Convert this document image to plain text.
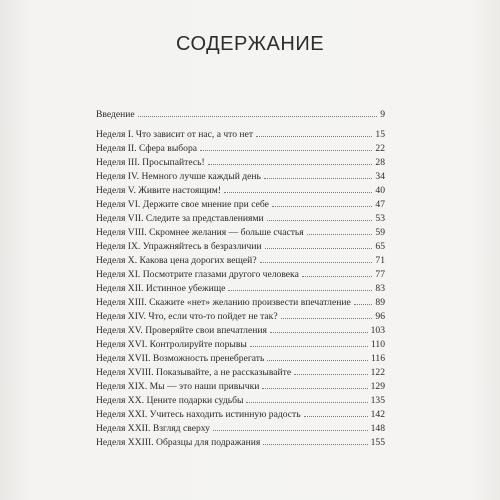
СОДЕРЖАНИЕ
Введение	9
Неделя I. Что зависит от нас, а что нет	15
Неделя II. Сфера выбора	22
Неделя III. Просыпайтесь!	28
Неделя IV. Немного лучше каждый день	34
Неделя V. Живите настоящим!	40
Неделя VI. Держите свое мнение при себе	47
Неделя VII. Следите за представлениями	53
Неделя VIII. Скромнее желания — больше счастья	59
Неделя IX. Упражняйтесь в безразличии	65
Неделя X. Какова цена дорогих вещей?	71
Неделя XI. Посмотрите глазами другого человека	77
Неделя XII. Истинное убежище	83
Неделя XIII. Скажите «нет» желанию произвести впечатление	89
Неделя XIV. Что, если что-то пойдет не так?	96
Неделя XV. Проверяйте свои впечатления	103
Неделя XVI. Контролируйте порывы	110
Неделя XVII. Возможность пренебрегать	116
Неделя XVIII. Показывайте, а не рассказывайте	122
Неделя XIX. Мы — это наши привычки	129
Неделя XX. Цените подарки судьбы	135
Неделя XXI. Учитесь находить истинную радость	142
Неделя XXII. Взгляд сверху	148
Неделя XXIII. Образцы для подражания	155
